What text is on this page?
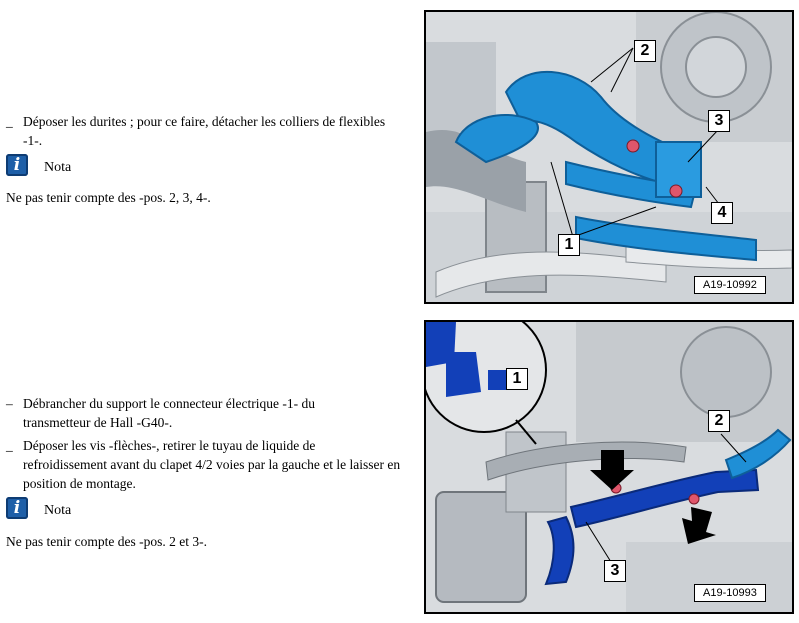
_ Déposer les durites ; pour ce faire, détacher les colliers de flexibles -1-.
i	Nota
Ne pas tenir compte des -pos. 2, 3, 4-.
2
3
4
1
A19-10992
– Débrancher du support le connecteur électrique -1- du transmetteur de Hall -G40-.
_ Déposer les vis -flèches-, retirer le tuyau de liquide de refroidissement avant du clapet 4/2 voies par la gauche et le laisser en position de montage.
i	Nota
Ne pas tenir compte des -pos. 2 et 3-.
1
2
3
A19-10993
